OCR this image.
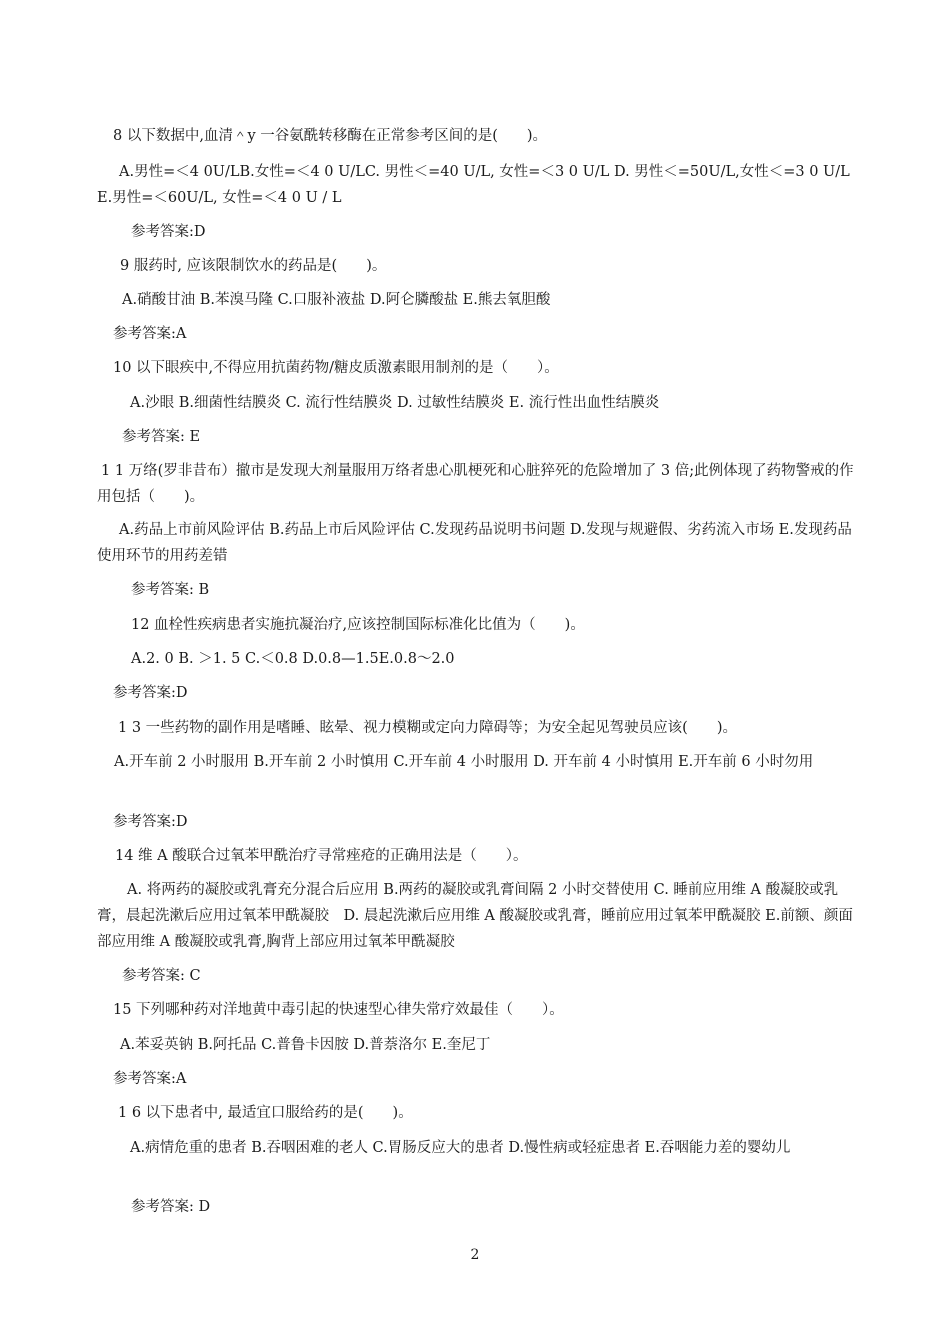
8 以下数据中,血清＾y 一谷氨酰转移酶在正常参考区间的是(　　)。
A.男性=＜4 0U/LB.女性=＜4 0 U/LC. 男性＜=40 U/L, 女性=＜3 0 U/L D. 男性＜=50U/L,女性＜=3 0 U/L E.男性=＜60U/L, 女性=＜4 0 U / L
参考答案:D
9 服药时, 应该限制饮水的药品是(　　)。
A.硝酸甘油 B.苯溴马隆 C.口服补液盐 D.阿仑膦酸盐 E.熊去氧胆酸
参考答案:A
10 以下眼疾中,不得应用抗菌药物/糖皮质激素眼用制剂的是（　　）。
A.沙眼 B.细菌性结膜炎 C. 流行性结膜炎 D. 过敏性结膜炎 E. 流行性出血性结膜炎
参考答案: E
1 1 万络(罗非昔布）撤市是发现大剂量服用万络者患心肌梗死和心脏猝死的危险增加了 3 倍;此例体现了药物警戒的作用包括（　　)。
A.药品上市前风险评估 B.药品上市后风险评估 C.发现药品说明书问题 D.发现与规避假、劣药流入市场 E.发现药品使用环节的用药差错
参考答案: B
12 血栓性疾病患者实施抗凝治疗,应该控制国际标准化比值为（　　)。
A.2. 0 B. ＞1. 5 C.＜0.8 D.0.8—1.5E.0.8～2.0
参考答案:D
1 3 一些药物的副作用是嗜睡、眩晕、视力模糊或定向力障碍等；为安全起见驾驶员应该(　　)。
A.开车前 2 小时服用 B.开车前 2 小时慎用 C.开车前 4 小时服用 D. 开车前 4 小时慎用 E.开车前 6 小时勿用
参考答案:D
14 维 A 酸联合过氧苯甲酰治疗寻常痤疮的正确用法是（　　）。
A. 将两药的凝胶或乳膏充分混合后应用 B.两药的凝胶或乳膏间隔 2 小时交替使用 C. 睡前应用维 A 酸凝胶或乳膏，晨起洗漱后应用过氧苯甲酰凝胶　D. 晨起洗漱后应用维 A 酸凝胶或乳膏，睡前应用过氧苯甲酰凝胶 E.前额、颜面部应用维 A 酸凝胶或乳膏,胸背上部应用过氧苯甲酰凝胶
参考答案: C
15 下列哪种药对洋地黄中毒引起的快速型心律失常疗效最佳（　　）。
A.苯妥英钠 B.阿托品 C.普鲁卡因胺 D.普萘洛尔 E.奎尼丁
参考答案:A
1 6 以下患者中, 最适宜口服给药的是(　　)。
A.病情危重的患者 B.吞咽困难的老人 C.胃肠反应大的患者 D.慢性病或轻症患者 E.吞咽能力差的婴幼儿
参考答案: D
2
